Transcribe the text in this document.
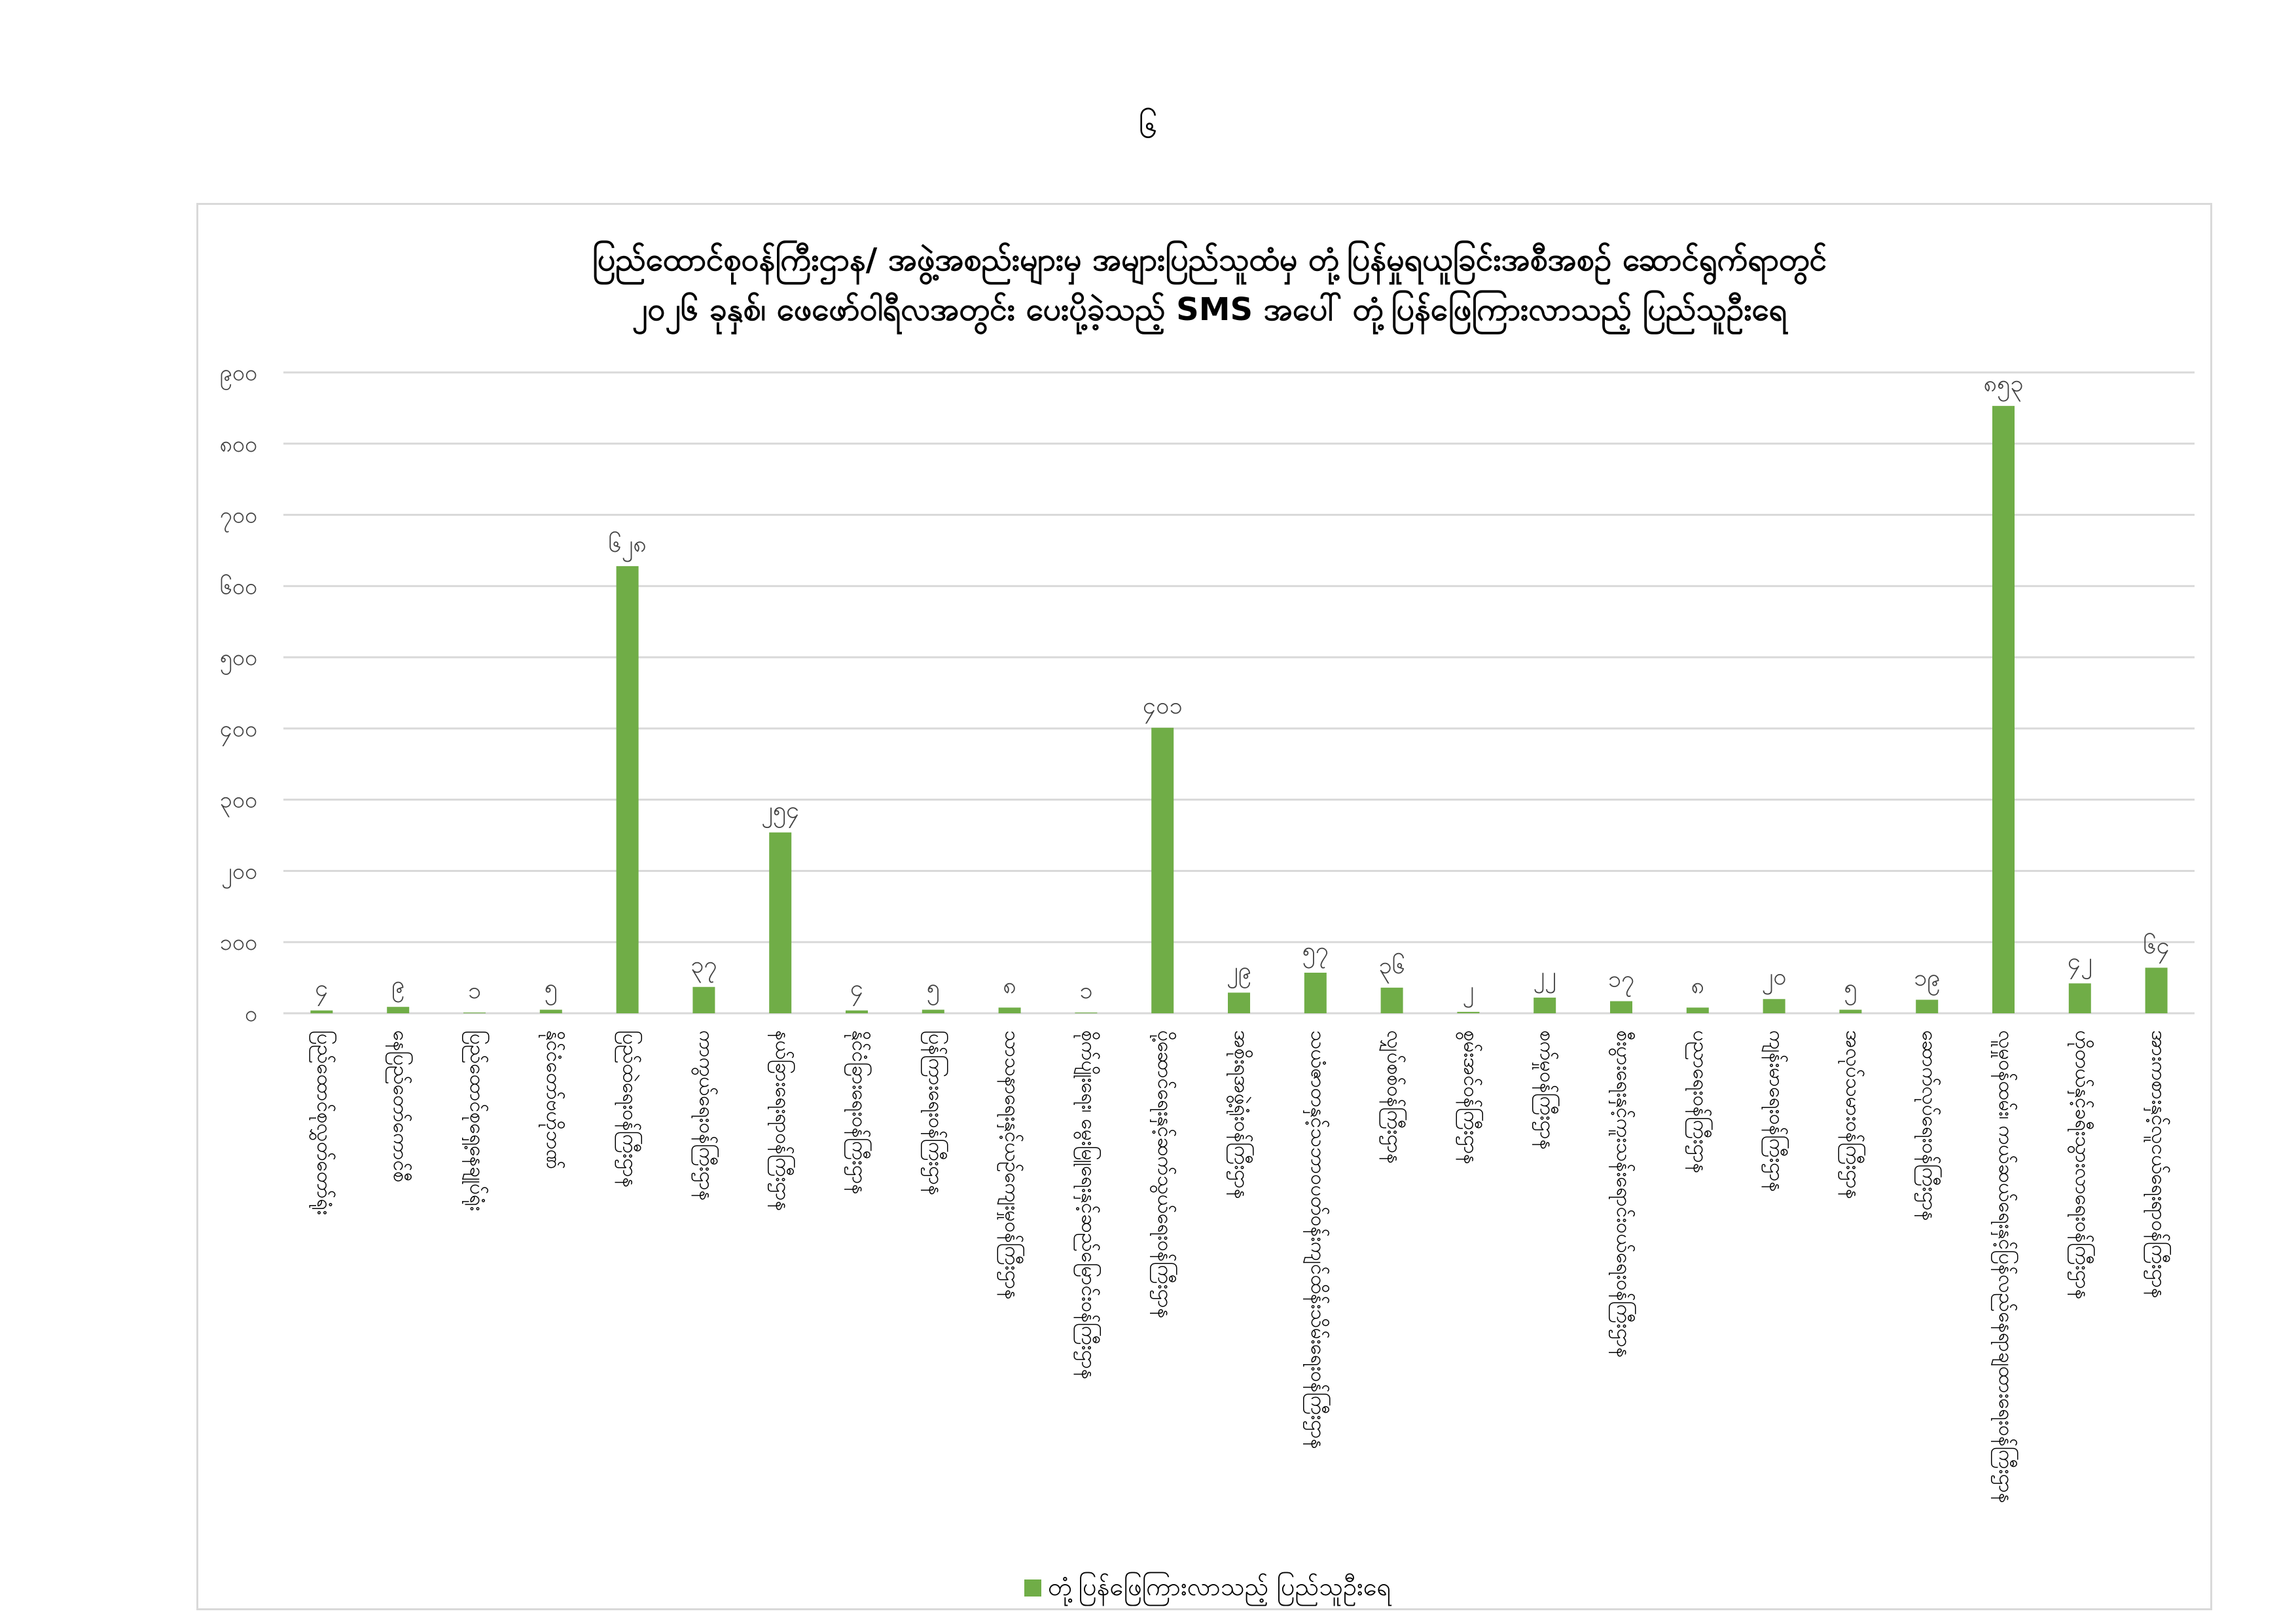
၆
ပြည်ထောင်စုဝန်ကြီးဌာန/ အဖွဲ့အစည်းများမှ အများပြည်သူထံမှ တုံ့ပြန်မှုရယူခြင်းအစီအစဉ် ဆောင်ရွက်ရာတွင်
၂၀၂၆ ခုနှစ်၊ ဖေဖော်ဝါရီလအတွင်း ပေးပို့ခဲ့သည့် SMS အပေါ် တုံ့ပြန်ဖြေကြားလာသည့် ပြည်သူဦးရေ
၀
၁၀၀
၂၀၀
၃၀၀
၄၀၀
၅၀၀
၆၀၀
၇၀၀
၈၀၀
၉၀၀
၄	၉	၁	၅
၆၂၈
၃၇
၂၅၄
၄	၅	၈	၁
၄၀၁
၂၉
၅၇
၃၆
၂
၂၂ ၁၇ ၈ ၂၀ ၅ ၁၉
၈၅၃
၄၂
၆၄
ပြည်ထောင်စုလွှတ်တော်ရုံး	နေပြည်တော်ကောင်စီ	ပြည်ထောင်စုရှေ့နေချုပ်ရုံး	နိုင်ငံတော်ဗဟိုဘဏ်	ပြည်ထဲရေးဝန်ကြီးဌာန	ကာကွယ်ရေးဝန်ကြီးဌာန	နယ်ခြားရေးရာဝန်ကြီးဌာန	နိုင်ငံခြားရေးဝန်ကြီးဌာန	ပြန်ကြားရေးဝန်ကြီးဌာန	သာသနာရေးနှင့်ယဉ်ကျေးမှုဝန်ကြီးဌာန	စိုက်ပျိုးရေး၊ မွေးမြူရေးနှင့်ဆည်မြောင်းဝန်ကြီးဌာန	ပို့ဆောင်ရေးနှင့်ဆက်သွယ်ရေးဝန်ကြီးဌာန	အစိုးရအဖွဲ့ရုံးဝန်ကြီးဌာန	သယံဇာတနှင့်သဘာဝပတ်ဝန်းကျင်ထိန်းသိမ်းရေးဝန်ကြီးဌာန	လျှပ်စစ်ဝန်ကြီးဌာန	စွမ်းအင်ဝန်ကြီးဌာန	စက်မှုဝန်ကြီးဌာန	စီးပွားရေးနှင့်ကူးသန်းရောင်းဝယ်ရေးဝန်ကြီးဌာန	ပညာရေးဝန်ကြီးဌာန	ကျန်းမာရေးဝန်ကြီးဌာန	အလုပ်သမားဝန်ကြီးဌာန	ဆောက်လုပ်ရေးဝန်ကြီးဌာန	လူမှုဝန်ထမ်း၊ ကယ်ဆယ်ရေးနှင့်ပြန်လည်နေရာချထားရေးဝန်ကြီးဌာန	ဟိုတယ်နှင့်ခရီးသွားလာရေးဝန်ကြီးဌာန	အားကစားနှင့်လူငယ်ရေးရာဝန်ကြီးဌာန
တုံ့ပြန်ဖြေကြားလာသည့် ပြည်သူဦးရေ
